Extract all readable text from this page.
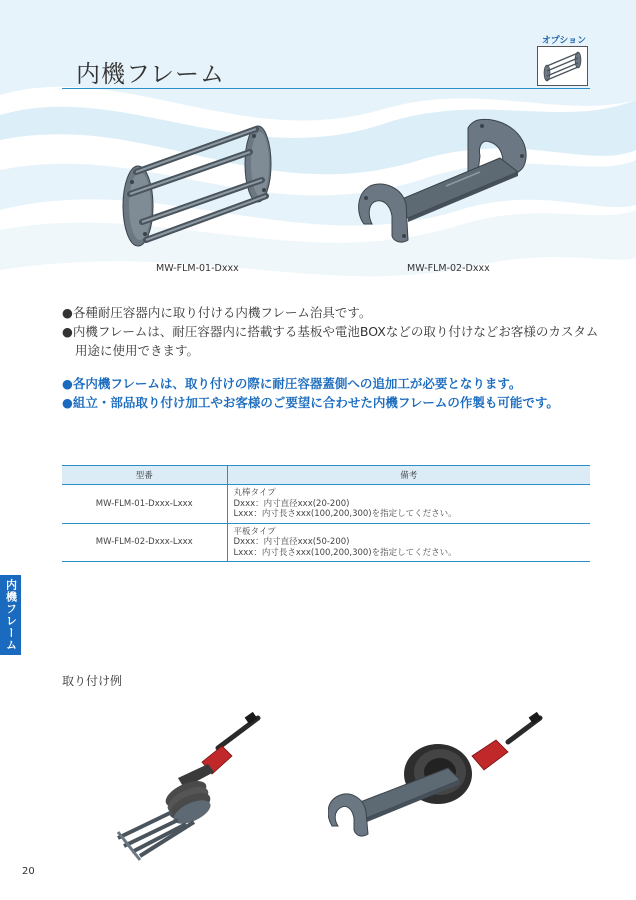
内機フレーム
オプション
MW-FLM-01-Dxxx	MW-FLM-02-Dxxx

●各種耐圧容器内に取り付ける内機フレーム治具です。

●内機フレームは、耐圧容器内に搭載する基板や電池BOXなどの取り付けなどお客様のカスタム

用途に使用できます。

●各内機フレームは、取り付けの際に耐圧容器蓋側への追加工が必要となります。

●組立・部品取り付け加工やお客様のご要望に合わせた内機フレームの作製も可能です。

型番	備考
MW-FLM-01-Dxxx-Lxxx	丸棒タイプ
Dxxx：内寸直径xxx(20-200)
Lxxx：内寸長さxxx(100,200,300)を指定してください。

MW-FLM-02-Dxxx-Lxxx	平板タイプ
Dxxx：内寸直径xxx(50-200)
Lxxx：内寸長さxxx(100,200,300)を指定してください。
内機フレーム
取り付け例
20
